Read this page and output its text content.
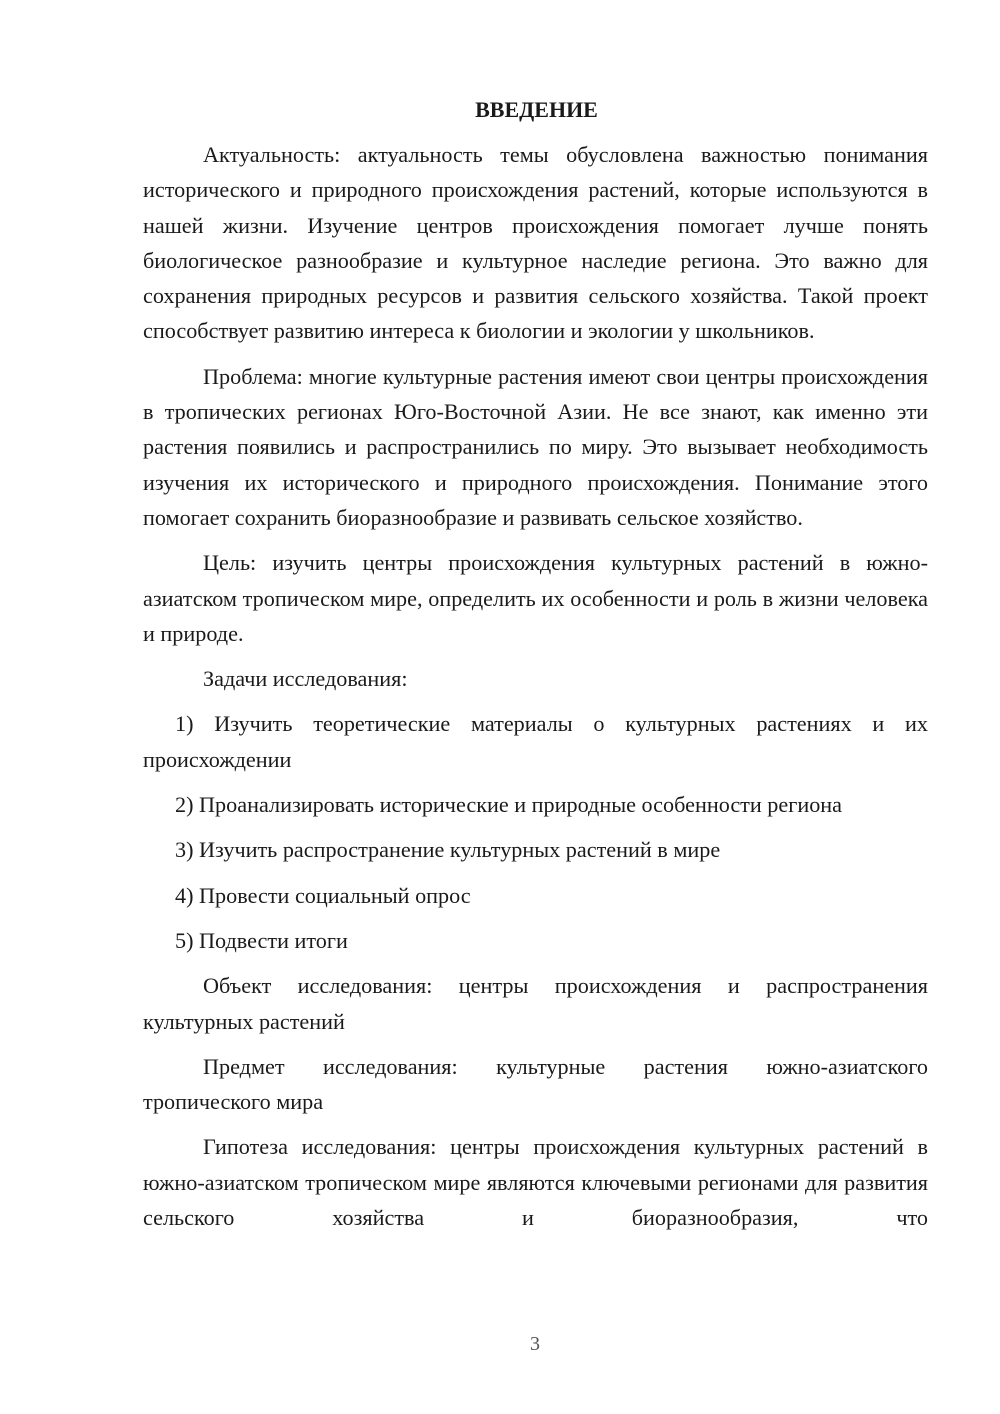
ВВЕДЕНИЕ

Актуальность: актуальность темы обусловлена важностью понимания исторического и природного происхождения растений, которые используются в нашей жизни. Изучение центров происхождения помогает лучше понять биологическое разнообразие и культурное наследие региона. Это важно для сохранения природных ресурсов и развития сельского хозяйства. Такой проект способствует развитию интереса к биологии и экологии у школьников.

Проблема: многие культурные растения имеют свои центры происхождения в тропических регионах Юго-Восточной Азии. Не все знают, как именно эти растения появились и распространились по миру. Это вызывает необходимость изучения их исторического и природного происхождения. Понимание этого помогает сохранить биоразнообразие и развивать сельское хозяйство.

Цель: изучить центры происхождения культурных растений в южно-азиатском тропическом мире, определить их особенности и роль в жизни человека и природе.

Задачи исследования:

1) Изучить теоретические материалы о культурных растениях и их происхождении

2) Проанализировать исторические и природные особенности региона

3) Изучить распространение культурных растений в мире

4) Провести социальный опрос

5) Подвести итоги

Объект исследования: центры происхождения и распространения культурных растений

Предмет исследования: культурные растения южно-азиатского тропического мира

Гипотеза исследования: центры происхождения культурных растений в южно-азиатском тропическом мире являются ключевыми регионами для развития сельского хозяйства и биоразнообразия, что

3
